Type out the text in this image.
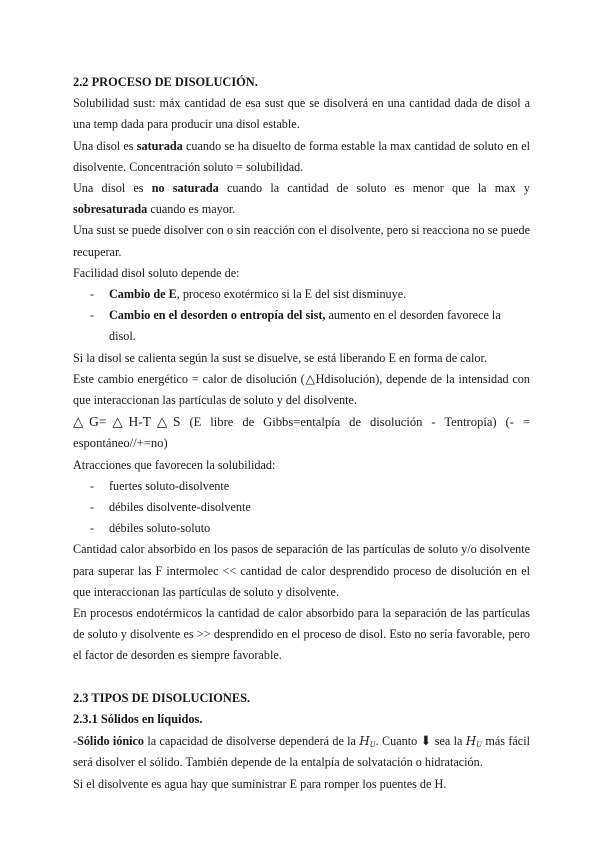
2.2 PROCESO DE DISOLUCIÓN.

Solubilidad sust: máx cantidad de esa sust que se disolverá en una cantidad dada de disol a una temp dada para producir una disol estable.

Una disol es saturada cuando se ha disuelto de forma estable la max cantidad de soluto en el disolvente. Concentración soluto = solubilidad.

Una disol es no saturada cuando la cantidad de soluto es menor que la max y sobresaturada cuando es mayor.

Una sust se puede disolver con o sin reacción con el disolvente, pero si reacciona no se puede recuperar.

Facilidad disol soluto depende de:

- Cambio de E, proceso exotérmico si la E del sist disminuye.
- Cambio en el desorden o entropía del sist, aumento en el desorden favorece la disol.

Si la disol se calienta según la sust se disuelve, se está liberando E en forma de calor.

Este cambio energético = calor de disolución (△Hdisolución), depende de la intensidad con que interaccionan las partículas de soluto y del disolvente.

△G=△H-T△S (E libre de Gibbs=entalpía de disolución - Tentropía) (- = espontáneo//+=no)

Atracciones que favorecen la solubilidad:

- fuertes soluto-disolvente
- débiles disolvente-disolvente
- débiles soluto-soluto

Cantidad calor absorbido en los pasos de separación de las partículas de soluto y/o disolvente para superar las F intermolec << cantidad de calor desprendido proceso de disolución en el que interaccionan las partículas de soluto y disolvente.

En procesos endotérmicos la cantidad de calor absorbido para la separación de las partículas de soluto y disolvente es >> desprendido en el proceso de disol. Esto no sería favorable, pero el factor de desorden es siempre favorable.

2.3 TIPOS DE DISOLUCIONES.
2.3.1 Sólidos en líquidos.

-Sólido iónico la capacidad de disolverse dependerá de la $H_U$. Cuanto ⬇ sea la $H_U$ más fácil será disolver el sólido. También depende de la entalpía de solvatación o hidratación.

Si el disolvente es agua hay que suministrar E para romper los puentes de H.
